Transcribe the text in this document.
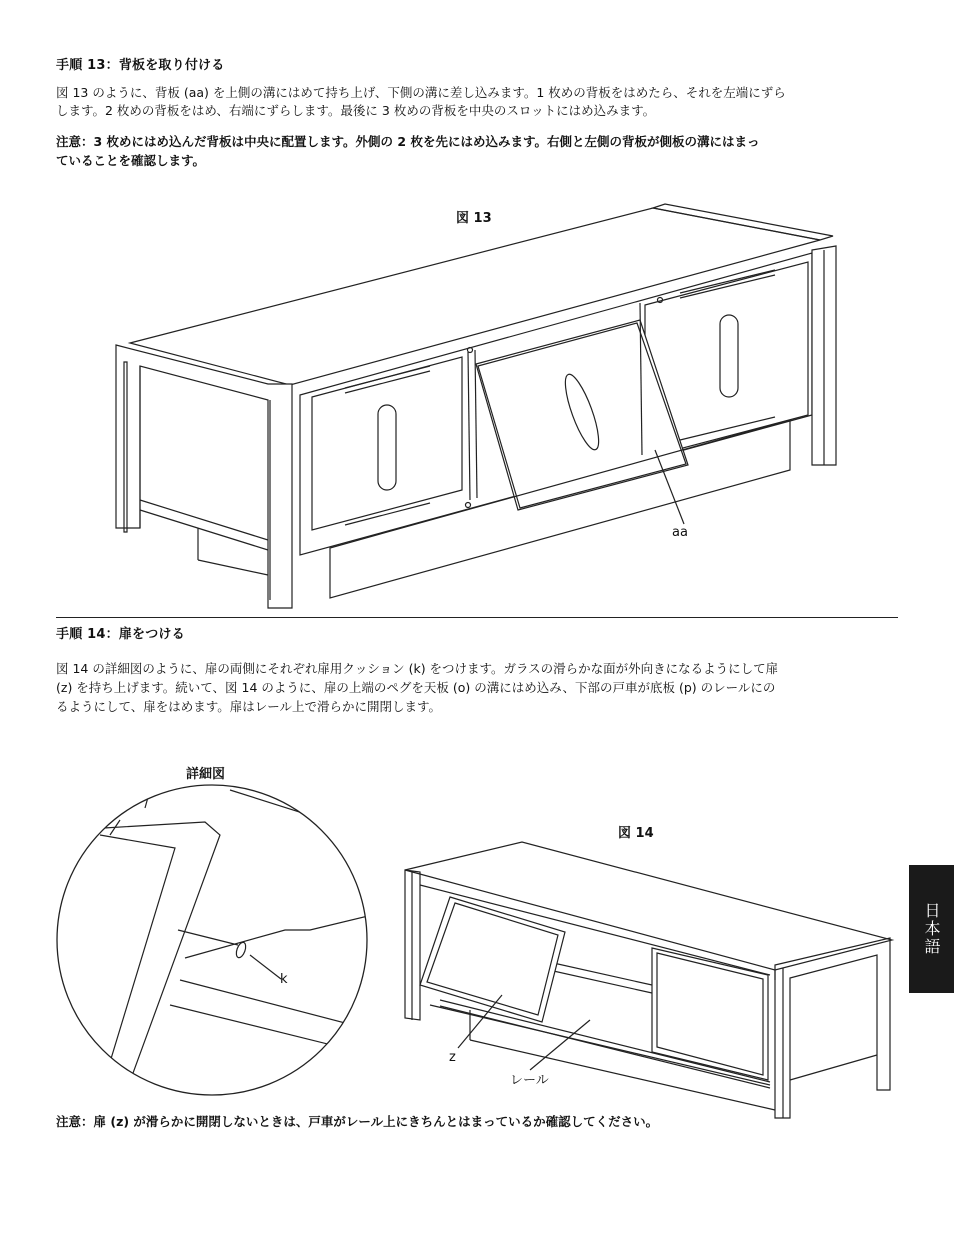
手順 13：背板を取り付ける
図 13 のように、背板 (aa) を上側の溝にはめて持ち上げ、下側の溝に差し込みます。1 枚めの背板をはめたら、それを左端にずら
します。2 枚めの背板をはめ、右端にずらします。最後に 3 枚めの背板を中央のスロットにはめ込みます。
注意：3 枚めにはめ込んだ背板は中央に配置します。外側の 2 枚を先にはめ込みます。右側と左側の背板が側板の溝にはまっ
ていることを確認します。
図 13
aa
手順 14：扉をつける
図 14 の詳細図のように、扉の両側にそれぞれ扉用クッション (k) をつけます。ガラスの滑らかな面が外向きになるようにして扉
(z) を持ち上げます。続いて、図 14 のように、扉の上端のペグを天板 (o) の溝にはめ込み、下部の戸車が底板 (p) のレールにの
るようにして、扉をはめます。扉はレール上で滑らかに開閉します。
詳細図
図 14
k
z
レール
注意：扉 (z) が滑らかに開閉しないときは、戸車がレール上にきちんとはまっているか確認してください。
日本語
